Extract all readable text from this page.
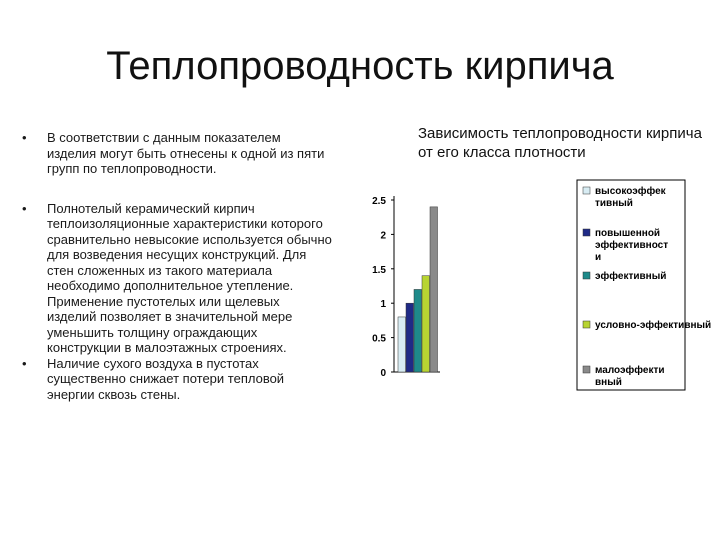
Теплопроводность кирпича
• В соответствии с данным показателем изделия могут быть отнесены к одной из пяти групп по теплопроводности.
• Полнотелый керамический кирпич теплоизоляционные характеристики которого сравнительно невысокие используется обычно для возведения несущих конструкций. Для стен сложенных из такого материала необходимо дополнительное утепление. Применение пустотелых или щелевых изделий позволяет в значительной мере уменьшить толщину ограждающих конструкции в малоэтажных строениях.
• Наличие сухого воздуха в пустотах существенно снижает потери тепловой энергии сквозь стены.
Зависимость теплопроводности кирпича от его класса плотности
0
0.5
1
1.5
2
2.5
высокоэффек
тивный
повышенной
эффективност
и
эффективный
условно-эффективный
малоэффекти
вный
